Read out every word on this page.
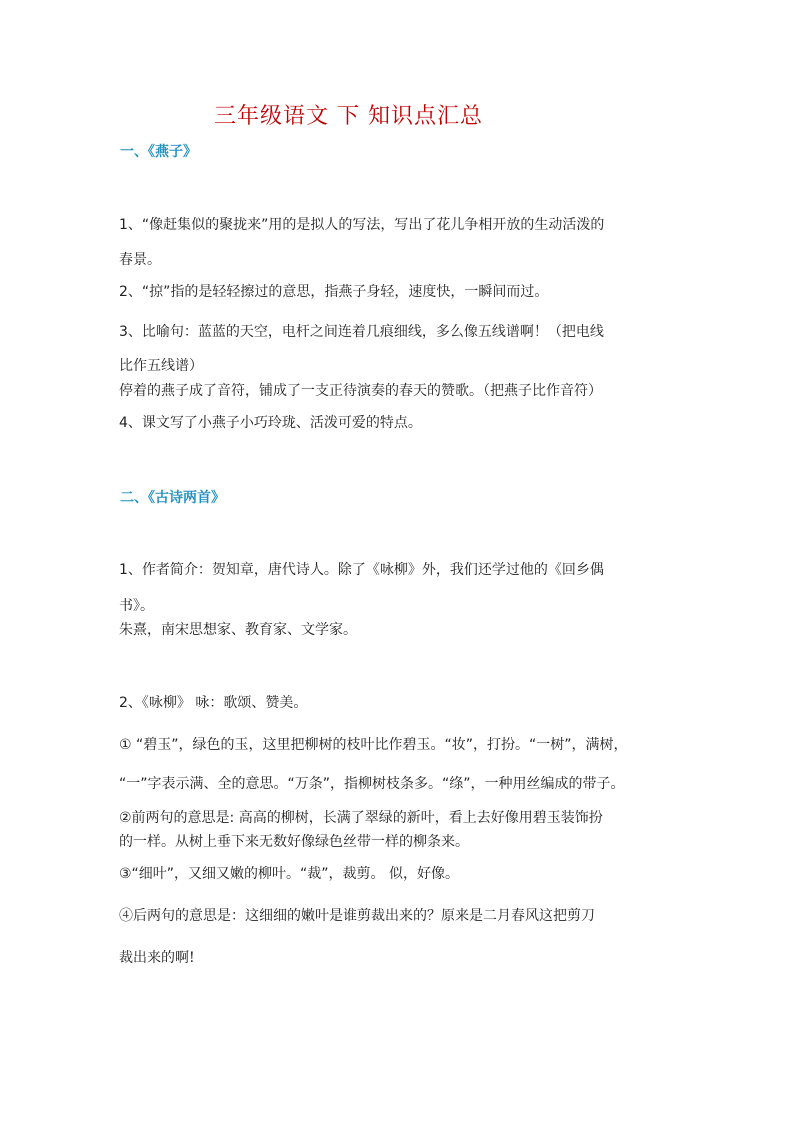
三年级语文 下 知识点汇总
一、《燕子》
1、“像赶集似的聚拢来”用的是拟人的写法，写出了花儿争相开放的生动活泼的
春景。
2、“掠”指的是轻轻擦过的意思，指燕子身轻，速度快，一瞬间而过。
3、比喻句：蓝蓝的天空，电杆之间连着几痕细线，多么像五线谱啊！（把电线
比作五线谱）
停着的燕子成了音符，铺成了一支正待演奏的春天的赞歌。（把燕子比作音符）
4、课文写了小燕子小巧玲珑、活泼可爱的特点。
二、《古诗两首》
1、作者简介：贺知章，唐代诗人。除了《咏柳》外，我们还学过他的《回乡偶
书》。
朱熹，南宋思想家、教育家、文学家。
2、《咏柳》 咏：歌颂、赞美。
① “碧玉”，绿色的玉，这里把柳树的枝叶比作碧玉。“妆”，打扮。“一树”，满树，
“一”字表示满、全的意思。“万条”，指柳树枝条多。“绦”，一种用丝编成的带子。
②前两句的意思是: 高高的柳树，长满了翠绿的新叶，看上去好像用碧玉装饰扮
的一样。从树上垂下来无数好像绿色丝带一样的柳条来。
③“细叶”，又细又嫩的柳叶。“裁”，裁剪。 似，好像。
④后两句的意思是：这细细的嫩叶是谁剪裁出来的？原来是二月春风这把剪刀
裁出来的啊!
